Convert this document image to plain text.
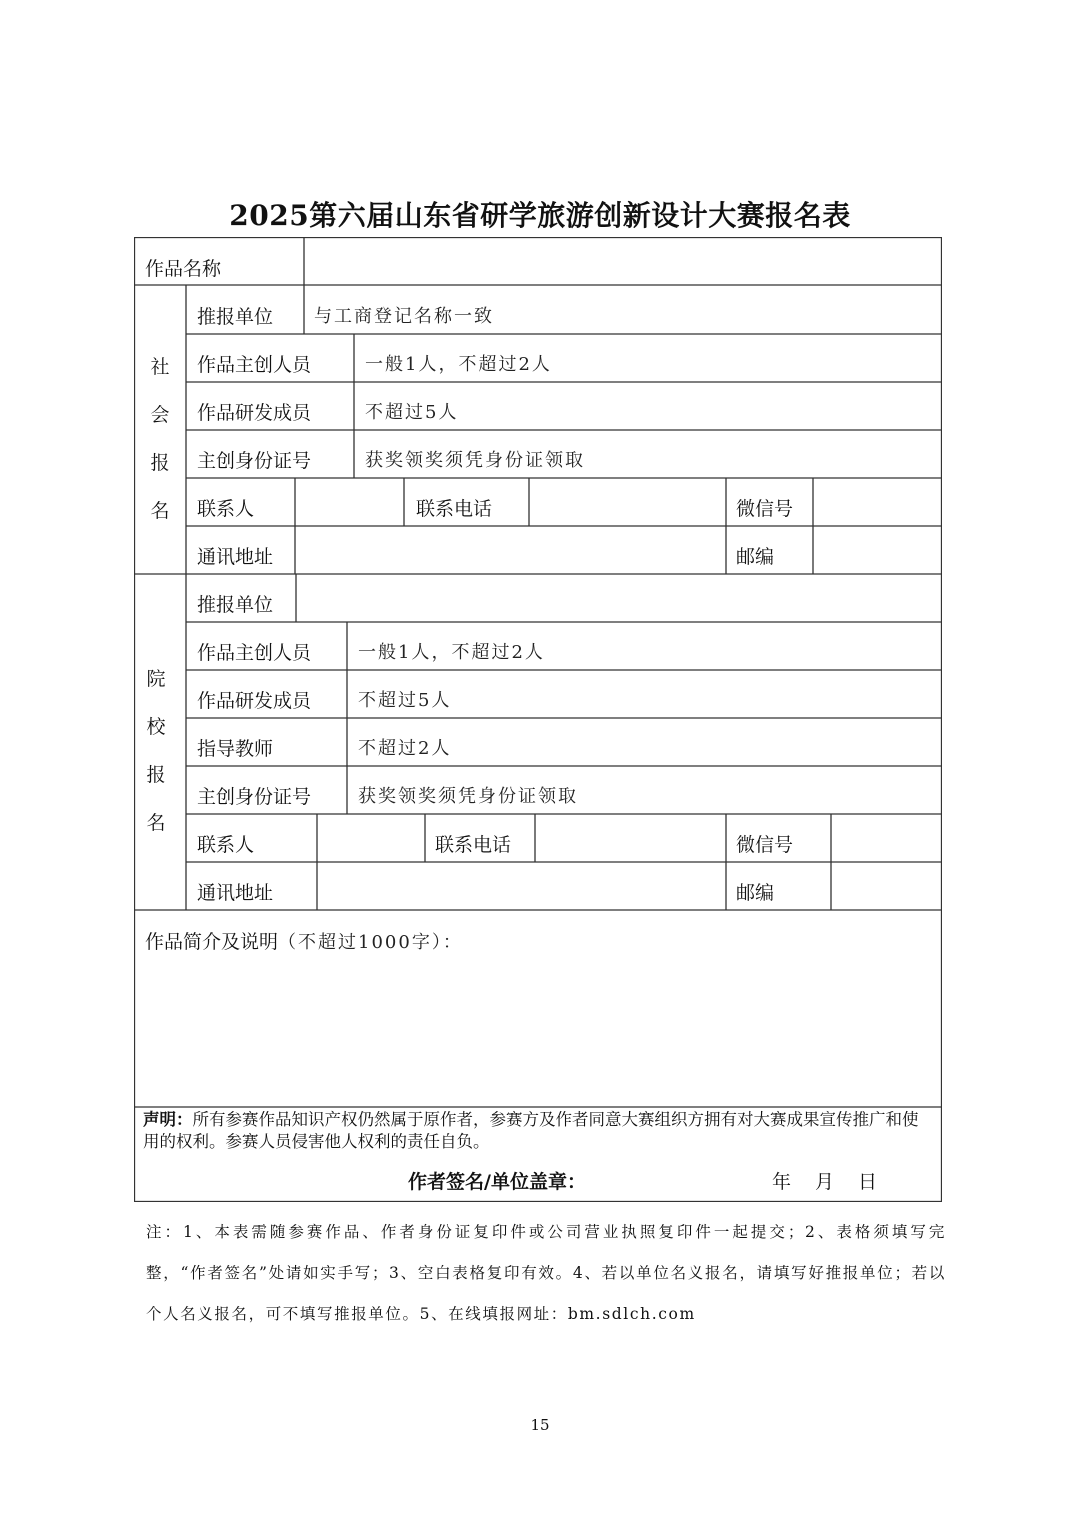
2025第六届山东省研学旅游创新设计大赛报名表
作品名称
社
会
报
名
推报单位 与工商登记名称一致
作品主创人员	一般1人，不超过2人
作品研发成员	不超过5人
主创身份证号	获奖领奖须凭身份证领取
联系人	联系电话	微信号
通讯地址	邮编
院
校
报
名
推报单位
作品主创人员	一般1人，不超过2人
作品研发成员	不超过5人
指导教师	不超过2人
主创身份证号	获奖领奖须凭身份证领取
联系人	联系电话	微信号
通讯地址	邮编
作品简介及说明（不超过1000字）：
声明：所有参赛作品知识产权仍然属于原作者，参赛方及作者同意大赛组织方拥有对大赛成果宣传推广和使用的权利。参赛人员侵害他人权利的责任自负。
作者签名/单位盖章：	年 月 日
注：1、本表需随参赛作品、作者身份证复印件或公司营业执照复印件一起提交；2、表格须填写完整，“作者签名”处请如实手写；3、空白表格复印有效。4、若以单位名义报名，请填写好推报单位；若以个人名义报名，可不填写推报单位。5、在线填报网址：bm.sdlch.com
15
